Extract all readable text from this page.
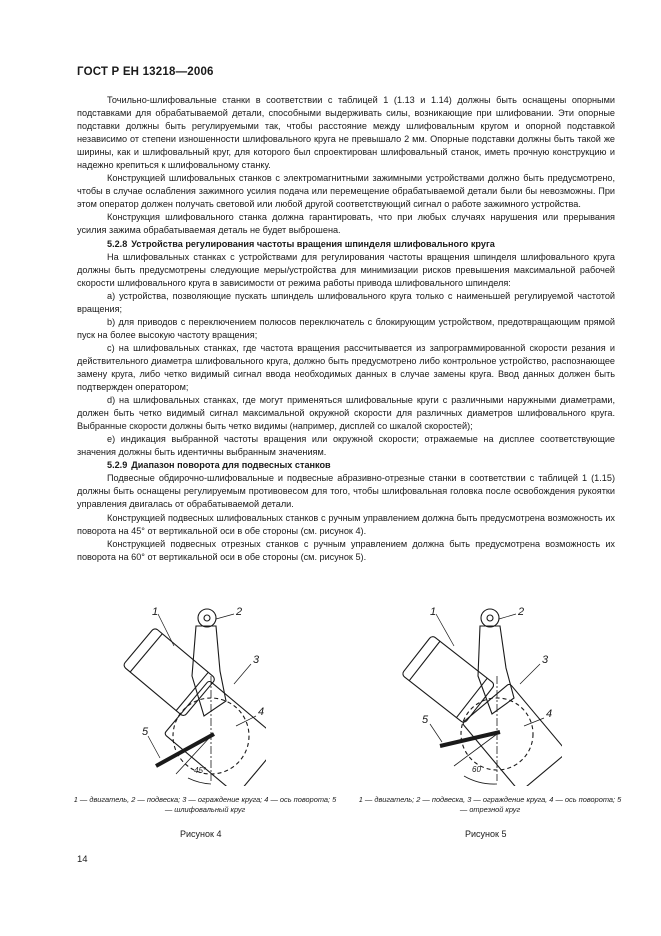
ГОСТ Р ЕН 13218—2006

Точильно-шлифовальные станки в соответствии с таблицей 1 (1.13 и 1.14) должны быть оснащены опорными подставками для обрабатываемой детали, способными выдерживать силы, возникающие при шлифовании. Эти опорные подставки должны быть регулируемыми так, чтобы расстояние между шлифовальным кругом и опорной подставкой независимо от степени изношенности шлифовального круга не превышало 2 мм. Опорные подставки должны быть такой же ширины, как и шлифовальный круг, для которого был спроектирован шлифовальный станок, иметь прочную конструкцию и надежно крепиться к шлифовальному станку.

Конструкцией шлифовальных станков с электромагнитными зажимными устройствами должно быть предусмотрено, чтобы в случае ослабления зажимного усилия подача или перемещение обрабатываемой детали были бы невозможны. При этом оператор должен получать световой или любой другой соответствующий сигнал о работе зажимного устройства.

Конструкция шлифовального станка должна гарантировать, что при любых случаях нарушения или прерывания усилия зажима обрабатываемая деталь не будет выброшена.

5.2.8 Устройства регулирования частоты вращения шпинделя шлифовального круга

На шлифовальных станках с устройствами для регулирования частоты вращения шпинделя шлифовального круга должны быть предусмотрены следующие меры/устройства для минимизации рисков превышения максимальной рабочей скорости шлифовального круга в зависимости от режима работы привода шлифовального шпинделя:

а) устройства, позволяющие пускать шпиндель шлифовального круга только с наименьшей регулируемой частотой вращения;

b) для приводов с переключением полюсов переключатель с блокирующим устройством, предотвращающим прямой пуск на более высокую частоту вращения;

с) на шлифовальных станках, где частота вращения рассчитывается из запрограммированной скорости резания и действительного диаметра шлифовального круга, должно быть предусмотрено либо контрольное устройство, распознающее замену круга, либо четко видимый сигнал ввода необходимых данных в случае замены круга. Ввод данных должен быть подтвержден оператором;

d) на шлифовальных станках, где могут применяться шлифовальные круги с различными наружными диаметрами, должен быть четко видимый сигнал максимальной окружной скорости для различных диаметров шлифовального круга. Выбранные скорости должны быть четко видимы (например, дисплей со шкалой скоростей);

е) индикация выбранной частоты вращения или окружной скорости; отражаемые на дисплее соответствующие значения должны быть идентичны выбранным значениям.

5.2.9 Диапазон поворота для подвесных станков

Подвесные обдирочно-шлифовальные и подвесные абразивно-отрезные станки в соответствии с таблицей 1 (1.15) должны быть оснащены регулируемым противовесом для того, чтобы шлифовальная головка после освобождения рукоятки управления двигалась от обрабатываемой детали.

Конструкцией подвесных шлифовальных станков с ручным управлением должна быть предусмотрена возможность их поворота на 45° от вертикальной оси в обе стороны (см. рисунок 4).

Конструкцией подвесных отрезных станков с ручным управлением должна быть предусмотрена возможность их поворота на 60° от вертикальной оси в обе стороны (см. рисунок 5).

1	2
3
4
5
45°
1	2
3
4
5
60
1 — двигатель, 2 — подвеска; 3 — ограждение круга; 4 — ось поворота; 5 — шлифовальный круг
1 — двигатель; 2 — подвеска, 3 — ограждение круга, 4 — ось поворота; 5 — отрезной круг
Рисунок 4	Рисунок 5
14
